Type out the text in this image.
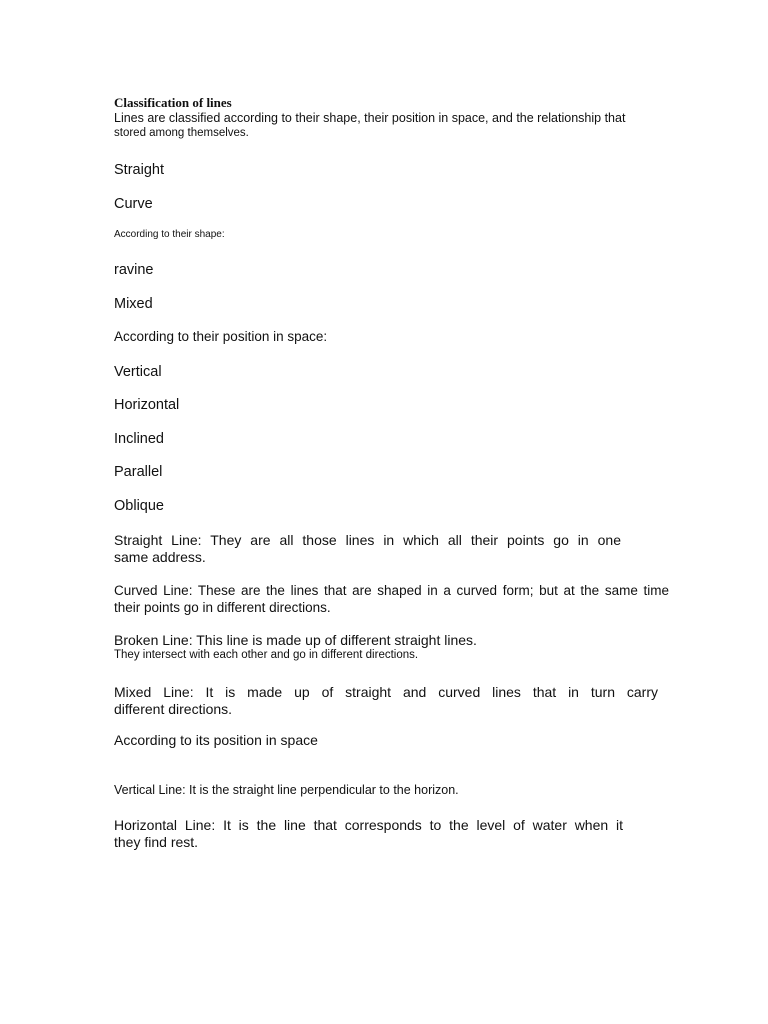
Classification of lines

Lines are classified according to their shape, their position in space, and the relationship that

stored among themselves.

Straight

Curve

According to their shape:

ravine

Mixed

According to their position in space:

Vertical

Horizontal

Inclined

Parallel

Oblique

Straight Line: They are all those lines in which all their points go in one
same address.
Curved Line: These are the lines that are shaped in a curved form; but at the same time
their points go in different directions.

Broken Line: This line is made up of different straight lines.

They intersect with each other and go in different directions.

Mixed Line: It is made up of straight and curved lines that in turn carry
different directions.

According to its position in space

Vertical Line: It is the straight line perpendicular to the horizon.

Horizontal Line: It is the line that corresponds to the level of water when it
they find rest.
